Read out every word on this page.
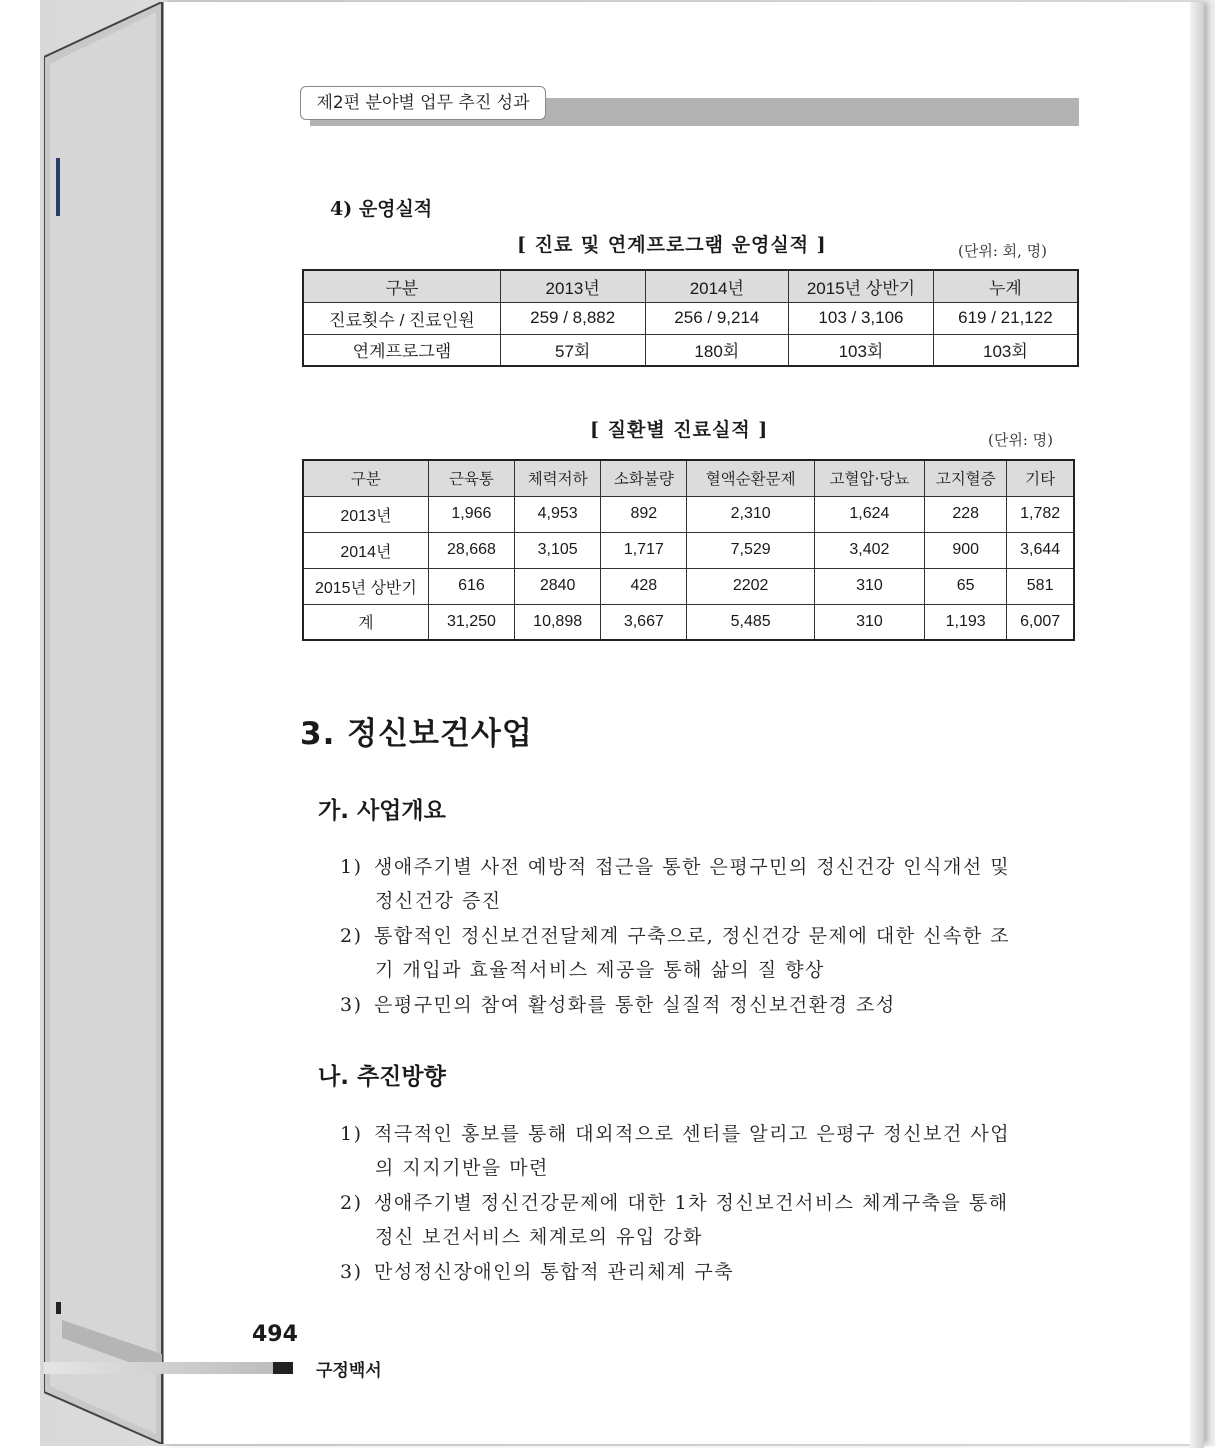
제2편 분야별 업무 추진 성과
4) 운영실적
[ 진료 및 연계프로그램 운영실적 ]	(단위: 회, 명)
구분	2013년	2014년	2015년 상반기	누계
진료횟수 / 진료인원	259 / 8,882	256 / 9,214	103 / 3,106	619 / 21,122
연계프로그램	57회	180회	103회	103회
[ 질환별 진료실적 ]	(단위: 명)
구분	근육통	체력저하	소화불량	혈액순환문제	고혈압·당뇨	고지혈증	기타
2013년	1,966	4,953	892	2,310	1,624	228	1,782
2014년	28,668	3,105	1,717	7,529	3,402	900	3,644
2015년 상반기	616	2840	428	2202	310	65	581
계	31,250	10,898	3,667	5,485	310	1,193	6,007
3. 정신보건사업
가. 사업개요
1) 생애주기별 사전 예방적 접근을 통한 은평구민의 정신건강 인식개선 및
정신건강 증진
2) 통합적인 정신보건전달체계 구축으로, 정신건강 문제에 대한 신속한 조
기 개입과 효율적서비스 제공을 통해 삶의 질 향상
3) 은평구민의 참여 활성화를 통한 실질적 정신보건환경 조성
나. 추진방향
1) 적극적인 홍보를 통해 대외적으로 센터를 알리고 은평구 정신보건 사업
의 지지기반을 마련
2) 생애주기별 정신건강문제에 대한 1차 정신보건서비스 체계구축을 통해
정신 보건서비스 체계로의 유입 강화
3) 만성정신장애인의 통합적 관리체계 구축
494
구정백서
